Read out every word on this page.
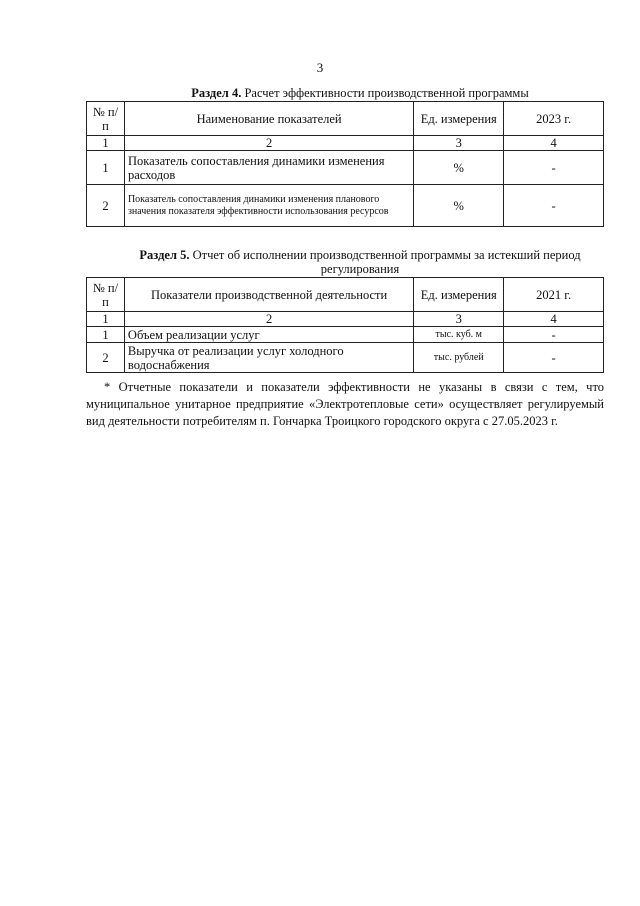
3
Раздел 4. Расчет эффективности производственной программы
№ п/п	Наименование показателей	Ед. измерения	2023 г.
1	2	3	4
1	Показатель сопоставления динамики изменения расходов	%	-
2	Показатель сопоставления динамики изменения планового значения показателя эффективности использования ресурсов	%	-
Раздел 5. Отчет об исполнении производственной программы за истекший период регулирования
№ п/п	Показатели производственной деятельности	Ед. измерения	2021 г.
1	2	3	4
1	Объем реализации услуг	тыс. куб. м	-
2	Выручка от реализации услуг холодного водоснабжения	тыс. рублей	-

* Отчетные показатели и показатели эффективности не указаны в связи с тем, что муниципальное унитарное предприятие «Электротепловые сети» осуществляет регулируемый вид деятельности потребителям п. Гончарка Троицкого городского округа с 27.05.2023 г.
